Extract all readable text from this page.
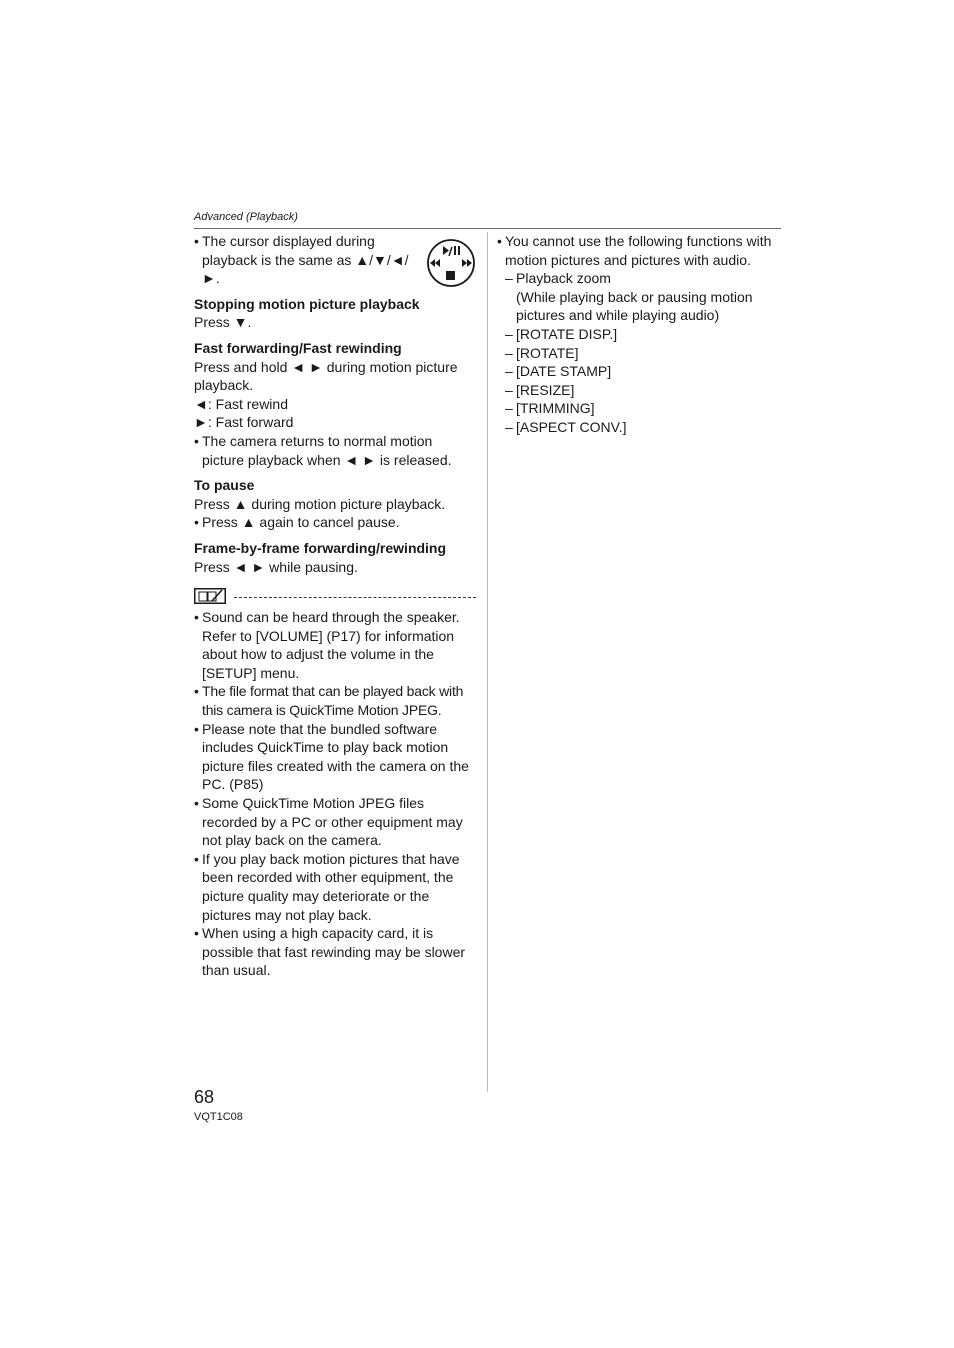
Advanced (Playback)

• The cursor displayed during playback is the same as ▲/▼/◄/►.

Stopping motion picture playback

Press ▼.

Fast forwarding/Fast rewinding

Press and hold ◄ ► during motion picture playback.

◄: Fast rewind

►: Fast forward

• The camera returns to normal motion picture playback when ◄ ► is released.

To pause

Press ▲ during motion picture playback.

• Press ▲ again to cancel pause.

Frame-by-frame forwarding/rewinding

Press ◄ ► while pausing.

• Sound can be heard through the speaker. Refer to [VOLUME] (P17) for information about how to adjust the volume in the [SETUP] menu.

• The file format that can be played back with this camera is QuickTime Motion JPEG.

• Please note that the bundled software includes QuickTime to play back motion picture files created with the camera on the PC. (P85)

• Some QuickTime Motion JPEG files recorded by a PC or other equipment may not play back on the camera.

• If you play back motion pictures that have been recorded with other equipment, the picture quality may deteriorate or the pictures may not play back.

• When using a high capacity card, it is possible that fast rewinding may be slower than usual.

• You cannot use the following functions with motion pictures and pictures with audio.

– Playback zoom

(While playing back or pausing motion pictures and while playing audio)

– [ROTATE DISP.]

– [ROTATE]

– [DATE STAMP]

– [RESIZE]

– [TRIMMING]

– [ASPECT CONV.]

68
VQT1C08
